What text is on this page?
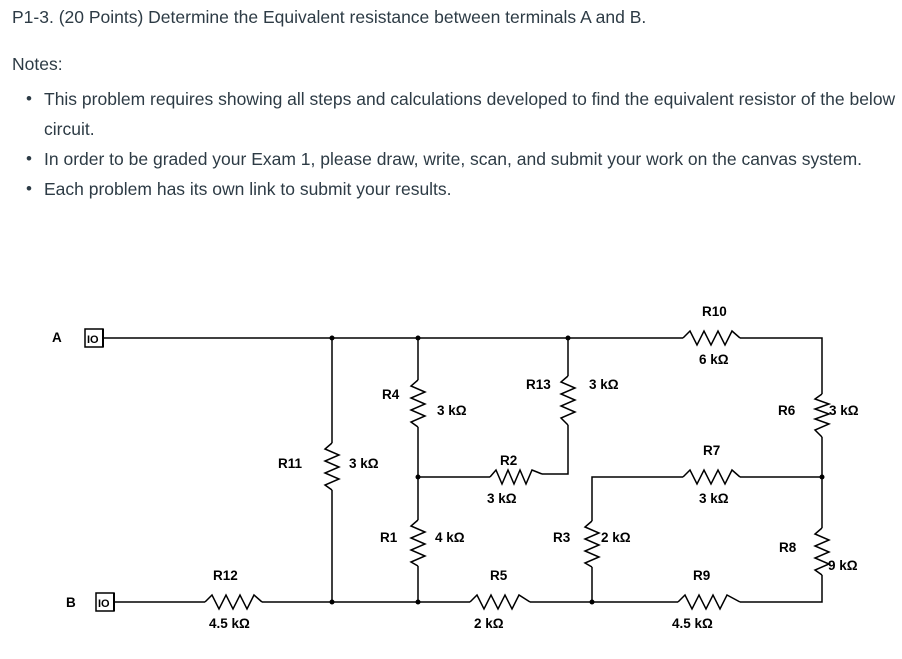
P1-3. (20 Points) Determine the Equivalent resistance between terminals A and B.

Notes:

• This problem requires showing all steps and calculations developed to find the equivalent resistor of the below circuit.
• In order to be graded your Exam 1, please draw, write, scan, and submit your work on the canvas system.
• Each problem has its own link to submit your results.
A IO
B IO
R10
6 kΩ
R7
3 kΩ
R9
4.5 kΩ
R5
2 kΩ
R12
4.5 kΩ
R2
3 kΩ
R11	3 kΩ
R4
3 kΩ
R1	4 kΩ
R13	3 kΩ
R3 2 kΩ
R6 3 kΩ
R8
9 kΩ
